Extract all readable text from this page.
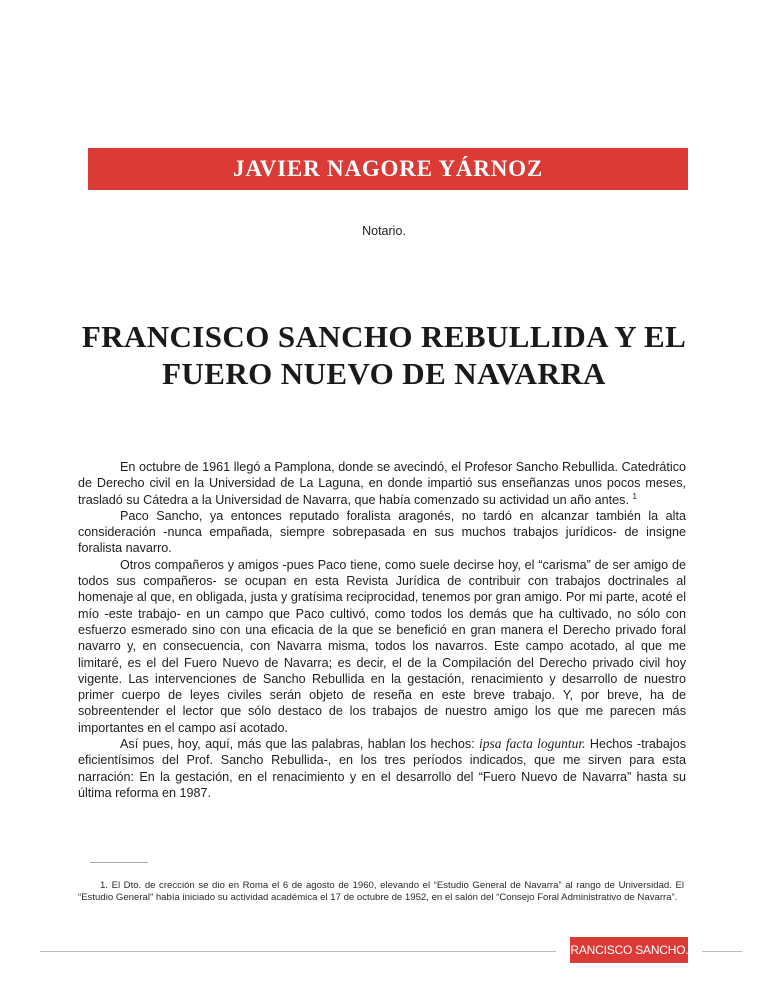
JAVIER NAGORE YÁRNOZ
Notario.
FRANCISCO SANCHO REBULLIDA Y EL
FUERO NUEVO DE NAVARRA

En octubre de 1961 llegó a Pamplona, donde se avecindó, el Profesor Sancho Rebullida. Catedrático de Derecho civil en la Universidad de La Laguna, en donde impartió sus enseñanzas unos pocos meses, trasladó su Cátedra a la Universidad de Navarra, que había comenzado su actividad un año antes. $^1$

Paco Sancho, ya entonces reputado foralista aragonés, no tardó en alcanzar también la alta consideración -nunca empañada, siempre sobrepasada en sus muchos trabajos jurídicos- de insigne foralista navarro.

Otros compañeros y amigos -pues Paco tiene, como suele decirse hoy, el “carisma” de ser amigo de todos sus compañeros- se ocupan en esta Revista Jurídica de contribuir con trabajos doctrinales al homenaje al que, en obligada, justa y gratísima reciprocidad, tenemos por gran amigo. Por mi parte, acoté el mío -este trabajo- en un campo que Paco cultivó, como todos los demás que ha cultivado, no sólo con esfuerzo esmerado sino con una eficacia de la que se benefició en gran manera el Derecho privado foral navarro y, en consecuencia, con Navarra misma, todos los navarros. Este campo acotado, al que me limitaré, es el del Fuero Nuevo de Navarra; es decir, el de la Compilación del Derecho privado civil hoy vigente. Las intervenciones de Sancho Rebullida en la gestación, renacimiento y desarrollo de nuestro primer cuerpo de leyes civiles serán objeto de reseña en este breve trabajo. Y, por breve, ha de sobreentender el lector que sólo destaco de los trabajos de nuestro amigo los que me parecen más importantes en el campo así acotado.

Así pues, hoy, aquí, más que las palabras, hablan los hechos: ipsa facta loguntur. Hechos -trabajos eficientísimos del Prof. Sancho Rebullida-, en los tres períodos indicados, que me sirven para esta narración: En la gestación, en el renacimiento y en el desarrollo del “Fuero Nuevo de Navarra” hasta su última reforma en 1987.

1. El Dto. de crección se dio en Roma el 6 de agosto de 1960, elevando el “Estudio General de Navarra” al rango de Universidad. El “Estudio General” había iniciado su actividad académica el 17 de octubre de 1952, en el salón del “Consejo Foral Administrativo de Navarra”.
FRANCISCO SANCHO...
